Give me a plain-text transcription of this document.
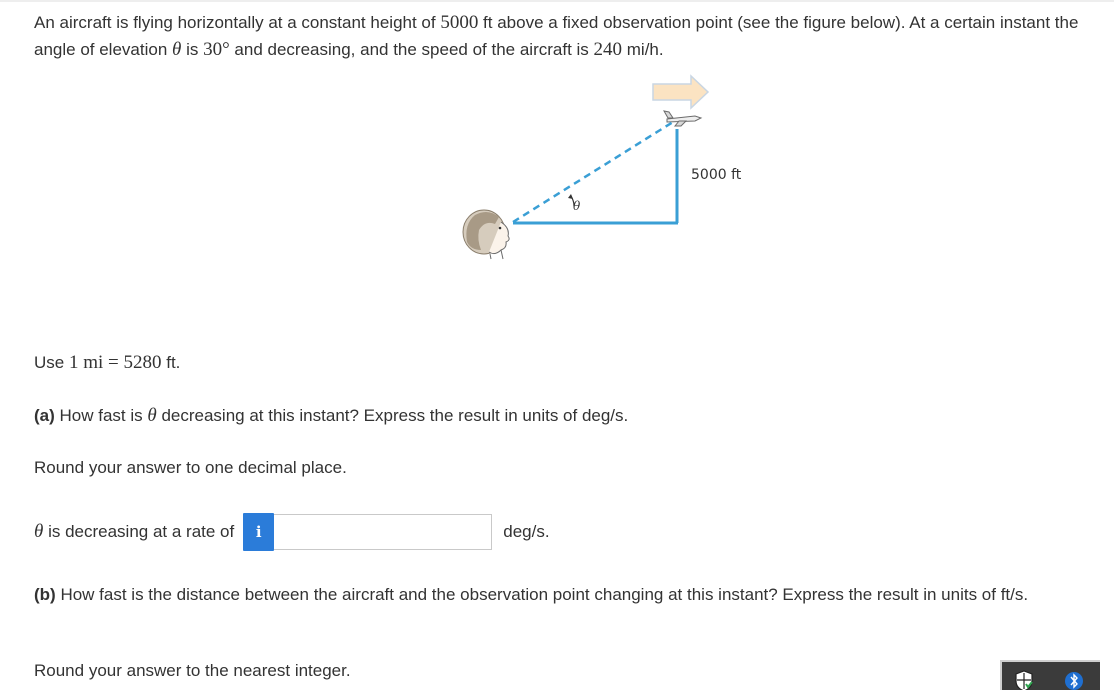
An aircraft is flying horizontally at a constant height of 5000 ft above a fixed observation point (see the figure below). At a certain instant the angle of elevation θ is 30° and decreasing, and the speed of the aircraft is 240 mi/h.

5000 ft
θ

Use 1 mi = 5280 ft.

(a) How fast is θ decreasing at this instant? Express the result in units of deg/s.

Round your answer to one decimal place.

θ is decreasing at a rate of	i	deg/s.

(b) How fast is the distance between the aircraft and the observation point changing at this instant? Express the result in units of ft/s.

Round your answer to the nearest integer.
